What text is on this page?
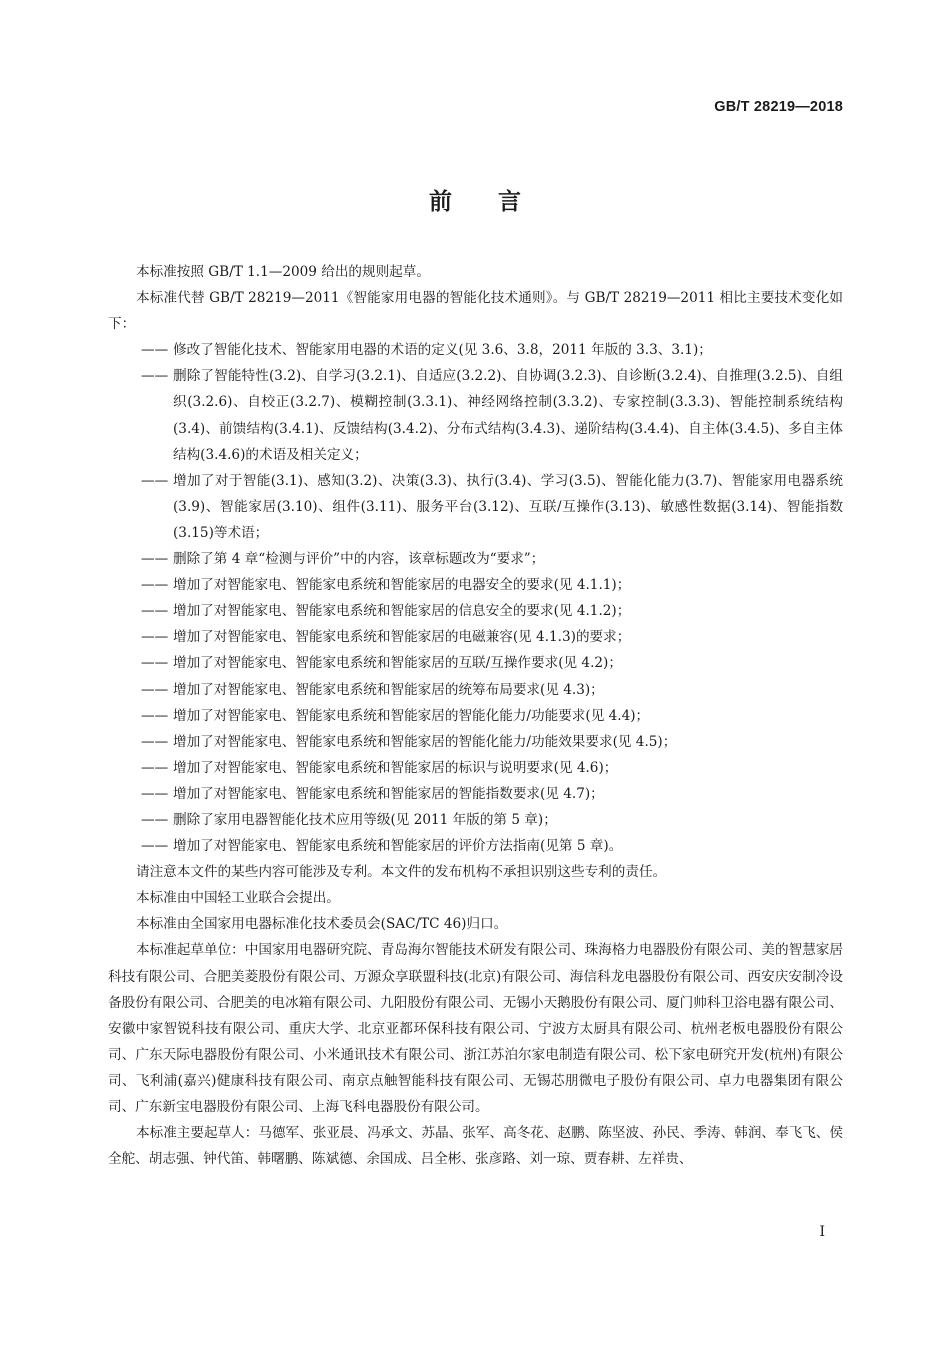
GB/T 28219—2018
前言

本标准按照 GB/T 1.1—2009 给出的规则起草。

本标准代替 GB/T 28219—2011《智能家用电器的智能化技术通则》。与 GB/T 28219—2011 相比主要技术变化如下：

—— 修改了智能化技术、智能家用电器的术语的定义(见 3.6、3.8，2011 年版的 3.3、3.1)；
—— 删除了智能特性(3.2)、自学习(3.2.1)、自适应(3.2.2)、自协调(3.2.3)、自诊断(3.2.4)、自推理(3.2.5)、自组织(3.2.6)、自校正(3.2.7)、模糊控制(3.3.1)、神经网络控制(3.3.2)、专家控制(3.3.3)、智能控制系统结构(3.4)、前馈结构(3.4.1)、反馈结构(3.4.2)、分布式结构(3.4.3)、递阶结构(3.4.4)、自主体(3.4.5)、多自主体结构(3.4.6)的术语及相关定义；
—— 增加了对于智能(3.1)、感知(3.2)、决策(3.3)、执行(3.4)、学习(3.5)、智能化能力(3.7)、智能家用电器系统(3.9)、智能家居(3.10)、组件(3.11)、服务平台(3.12)、互联/互操作(3.13)、敏感性数据(3.14)、智能指数(3.15)等术语；
—— 删除了第 4 章“检测与评价”中的内容，该章标题改为“要求”；
—— 增加了对智能家电、智能家电系统和智能家居的电器安全的要求(见 4.1.1)；
—— 增加了对智能家电、智能家电系统和智能家居的信息安全的要求(见 4.1.2)；
—— 增加了对智能家电、智能家电系统和智能家居的电磁兼容(见 4.1.3)的要求；
—— 增加了对智能家电、智能家电系统和智能家居的互联/互操作要求(见 4.2)；
—— 增加了对智能家电、智能家电系统和智能家居的统筹布局要求(见 4.3)；
—— 增加了对智能家电、智能家电系统和智能家居的智能化能力/功能要求(见 4.4)；
—— 增加了对智能家电、智能家电系统和智能家居的智能化能力/功能效果要求(见 4.5)；
—— 增加了对智能家电、智能家电系统和智能家居的标识与说明要求(见 4.6)；
—— 增加了对智能家电、智能家电系统和智能家居的智能指数要求(见 4.7)；
—— 删除了家用电器智能化技术应用等级(见 2011 年版的第 5 章)；
—— 增加了对智能家电、智能家电系统和智能家居的评价方法指南(见第 5 章)。

请注意本文件的某些内容可能涉及专利。本文件的发布机构不承担识别这些专利的责任。

本标准由中国轻工业联合会提出。

本标准由全国家用电器标准化技术委员会(SAC/TC 46)归口。

本标准起草单位：中国家用电器研究院、青岛海尔智能技术研发有限公司、珠海格力电器股份有限公司、美的智慧家居科技有限公司、合肥美菱股份有限公司、万源众享联盟科技(北京)有限公司、海信科龙电器股份有限公司、西安庆安制冷设备股份有限公司、合肥美的电冰箱有限公司、九阳股份有限公司、无锡小天鹅股份有限公司、厦门帅科卫浴电器有限公司、安徽中家智锐科技有限公司、重庆大学、北京亚都环保科技有限公司、宁波方太厨具有限公司、杭州老板电器股份有限公司、广东天际电器股份有限公司、小米通讯技术有限公司、浙江苏泊尔家电制造有限公司、松下家电研究开发(杭州)有限公司、飞利浦(嘉兴)健康科技有限公司、南京点触智能科技有限公司、无锡芯朋微电子股份有限公司、卓力电器集团有限公司、广东新宝电器股份有限公司、上海飞科电器股份有限公司。

本标准主要起草人：马德军、张亚晨、冯承文、苏晶、张军、高冬花、赵鹏、陈坚波、孙民、季涛、韩润、奉飞飞、侯全舵、胡志强、钟代笛、韩曙鹏、陈斌德、余国成、吕全彬、张彦路、刘一琼、贾春耕、左祥贵、

I
